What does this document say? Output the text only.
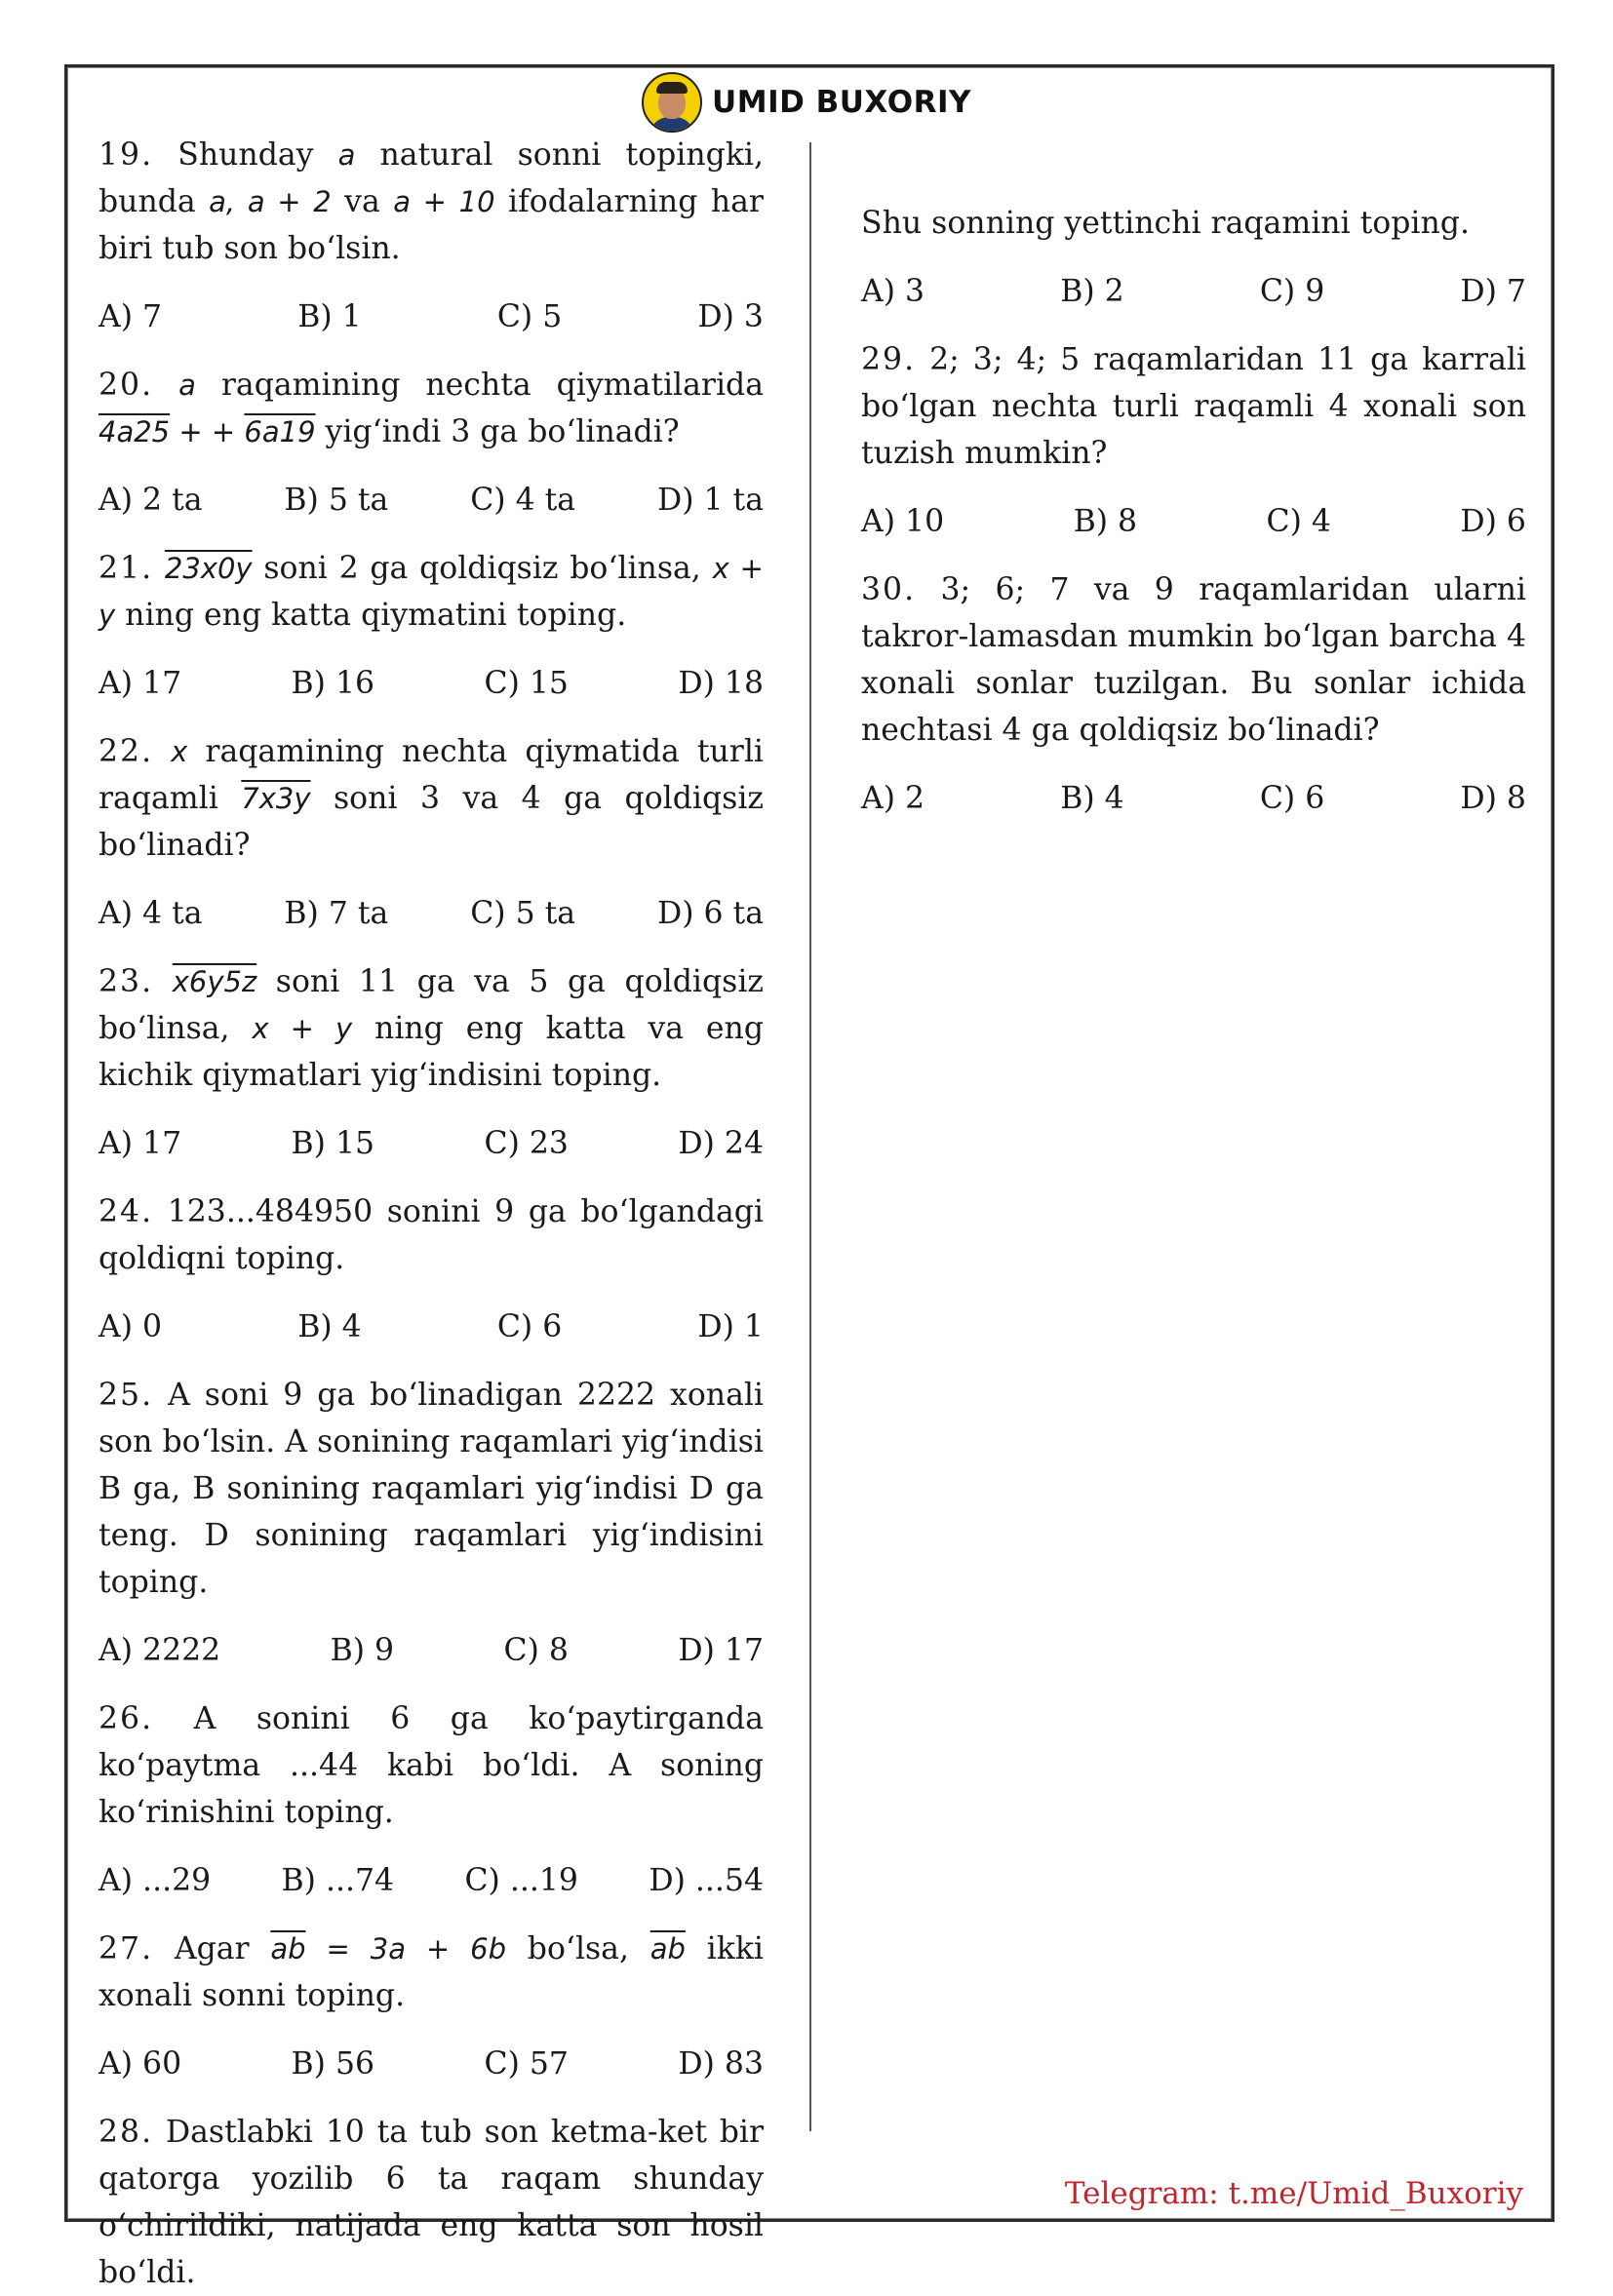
UMID BUXORIY

19. Shunday a natural sonni topingki, bunda a, a + 2 va a + 10 ifodalarning har biri tub son bo‘lsin.

A) 7	B) 1	C) 5	D) 3

20. a raqamining nechta qiymatilarida 4a25 + + 6a19 yig‘indi 3 ga bo‘linadi?

A) 2 ta	B) 5 ta	C) 4 ta	D) 1 ta

21. 23x0y soni 2 ga qoldiqsiz bo‘linsa, x + y ning eng katta qiymatini toping.

A) 17	B) 16	C) 15	D) 18

22. x raqamining nechta qiymatida turli raqamli 7x3y soni 3 va 4 ga qoldiqsiz bo‘linadi?

A) 4 ta	B) 7 ta	C) 5 ta	D) 6 ta

23. x6y5z soni 11 ga va 5 ga qoldiqsiz bo‘linsa, x + y ning eng katta va eng kichik qiymatlari yig‘indisini toping.

A) 17	B) 15	C) 23	D) 24

24. 123...484950 sonini 9 ga bo‘lgandagi qoldiqni toping.

A) 0	B) 4	C) 6	D) 1

25. A soni 9 ga bo‘linadigan 2222 xonali son bo‘lsin. A sonining raqamlari yig‘indisi B ga, B sonining raqamlari yig‘indisi D ga teng. D sonining raqamlari yig‘indisini toping.

A) 2222	B) 9	C) 8	D) 17

26. A sonini 6 ga ko‘paytirganda ko‘paytma ...44 kabi bo‘ldi. A soning ko‘rinishini toping.

A) ...29 B) ...74 C) ...19 D) ...54

27. Agar $\overline{ab} = 3a + 6b$ bo‘lsa, $\overline{ab}$ ikki xonali sonni toping.

A) 60	B) 56	C) 57	D) 83

28. Dastlabki 10 ta tub son ketma-ket bir qatorga yozilib 6 ta raqam shunday o‘chirildiki, natijada eng katta son hosil bo‘ldi.

Shu sonning yettinchi raqamini toping.

A) 3	B) 2	C) 9	D) 7

29. 2; 3; 4; 5 raqamlaridan 11 ga karrali bo‘lgan nechta turli raqamli 4 xonali son tuzish mumkin?

A) 10	B) 8	C) 4	D) 6

30. 3; 6; 7 va 9 raqamlaridan ularni takror-lamasdan mumkin bo‘lgan barcha 4 xonali sonlar tuzilgan. Bu sonlar ichida nechtasi 4 ga qoldiqsiz bo‘linadi?

A) 2	B) 4	C) 6	D) 8
Telegram: t.me/Umid_Buxoriy
